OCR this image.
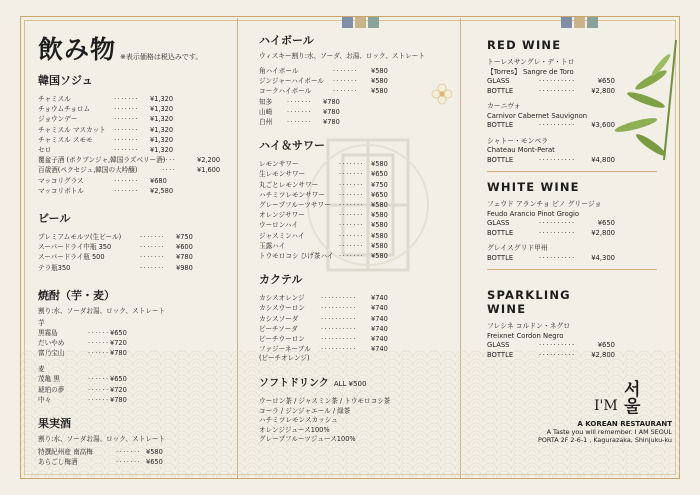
飲み物 ※表示価格は税込みです。
韓国ソジュ
チャミスル	······· ¥1,320
チョウムチョロム	······· ¥1,320
ジョウンデー	······· ¥1,320
チャミスル マスカット ······· ¥1,320
チャミスル スモモ	······· ¥1,320
セロ	······· ¥1,320
覆盆子酒 (ボクブンジャ,韓国ラズベリー酒)
····	¥2,200
百歳酒(ペクセジュ,韓国の大吟醸)	····	¥1,600
マッコリグラス	······· ¥680
マッコリボトル	······· ¥2,580
ビール
プレミアムモルツ(生ビール)	······· ¥750
スーパードライ中瓶 350	······· ¥600
スーパードライ瓶 500	······· ¥780
テラ瓶350	······· ¥980
焼酎（芋・麦）
割り:水、ソーダお湯、ロック、ストレート
芋
黒霧島	······ ¥650
だいやめ	······ ¥720
富乃宝山	······ ¥780
麦
茂亀 黒	······ ¥650
琥珀の夢	······ ¥720
中々	······ ¥780
果実酒
割り:水、ソーダお湯、ロック、ストレート
特撰紀州産 南高梅	······· ¥580
あらごし梅酒	······· ¥650
ハイボール
ウィスキー割り:水、ソーダ、お湯、ロック、ストレート
角ハイボール	······· ¥580
ジンジャーハイボール ······· ¥580
コークハイボール	······· ¥580
知多 ······· ¥780
山崎 ······· ¥780
白州 ······· ¥780
ハイ＆サワー
レモンサワー	······· ¥580
生レモンサワー	······· ¥650
丸ごとレモンサワー	······· ¥750
ハチミツレモンサワー ······· ¥650
グレープフルーツサワー ······· ¥580
オレンジサワー	······· ¥580
ウーロンハイ	······· ¥580
ジャスミンハイ	······· ¥580
玉露ハイ	······· ¥580
トウモロコシ ひげ茶ハイ ······· ¥580
カクテル
カシスオレンジ ·········· ¥740
カシスウーロン ·········· ¥740
カシスソーダ	·········· ¥740
ピーチソーダ	·········· ¥740
ピーチウーロン ·········· ¥740
ファジーネーブル ·········· ¥740
(ピーチオレンジ)
ソフトドリンク ALL ¥500
ウーロン茶 / ジャスミン茶 / トウモロコシ茶
コーラ / ジンジャエール / 緑茶
ハチミツレモンスカッシュ
オレンジジュース100%
グレープフルーツジュース100%
RED WINE
トーレスサングレ・デ・トロ
【Torres】 Sangre de Toro
GLASS	··········	¥650
BOTTLE	·········· ¥2,800
カーニヴォ
Carnivor Cabernet Sauvignon
BOTTLE	·········· ¥3,600
シャトー・モンペラ
Chateau Mont-Perat
BOTTLE	·········· ¥4,800
WHITE WINE
フェウド アランチョ ピノ グリージョ
Feudo Arancio Pinot Grogio
GLASS	··········	¥650
BOTTLE	·········· ¥2,800
グレイスグリド甲州
BOTTLE	·········· ¥4,300
SPARKLING WINE
フレシネ コルドン・ネグロ
Freixnet Cordon Negro
GLASS	··········	¥650
BOTTLE	·········· ¥2,800
I'M 서울
A KOREAN RESTAURANT
A Taste you will remember. I AM SEOUL
PORTA 2F 2-6-1 , Kagurazaka, Shinjuku-ku
